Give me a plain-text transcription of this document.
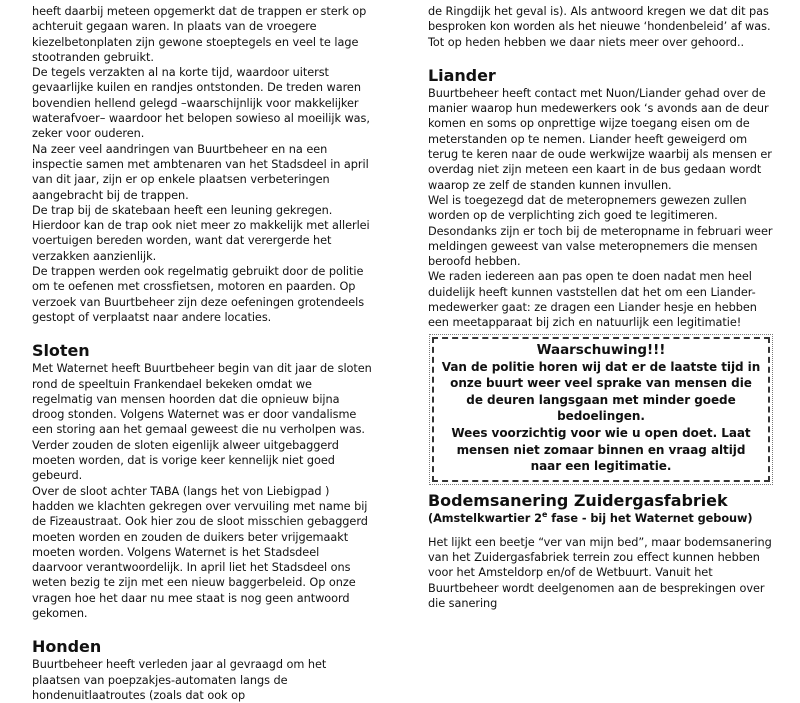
heeft daarbij meteen opgemerkt dat de trappen er sterk op achteruit gegaan waren. In plaats van de vroegere kiezelbetonplaten zijn gewone stoeptegels en veel te lage stootranden gebruikt.

De tegels verzakten al na korte tijd, waardoor uiterst gevaarlijke kuilen en randjes ontstonden. De treden waren bovendien hellend gelegd –waarschijnlijk voor makkelijker waterafvoer– waardoor het belopen sowieso al moeilijk was, zeker voor ouderen.

Na zeer veel aandringen van Buurtbeheer en na een inspectie samen met ambtenaren van het Stadsdeel in april van dit jaar, zijn er op enkele plaatsen verbeteringen aangebracht bij de trappen.

De trap bij de skatebaan heeft een leuning gekregen. Hierdoor kan de trap ook niet meer zo makkelijk met allerlei voertuigen bereden worden, want dat verergerde het verzakken aanzienlijk.

De trappen werden ook regelmatig gebruikt door de politie om te oefenen met crossfietsen, motoren en paarden. Op verzoek van Buurtbeheer zijn deze oefeningen grotendeels gestopt of verplaatst naar andere locaties.

Sloten

Met Waternet heeft Buurtbeheer begin van dit jaar de sloten rond de speeltuin Frankendael bekeken omdat we regelmatig van mensen hoorden dat die opnieuw bijna droog stonden. Volgens Waternet was er door vandalisme een storing aan het gemaal geweest die nu verholpen was. Verder zouden de sloten eigenlijk alweer uitgebaggerd moeten worden, dat is vorige keer kennelijk niet goed gebeurd.

Over de sloot achter TABA (langs het von Liebigpad ) hadden we klachten gekregen over vervuiling met name bij de Fizeaustraat. Ook hier zou de sloot misschien gebaggerd moeten worden en zouden de duikers beter vrijgemaakt moeten worden. Volgens Waternet is het Stadsdeel daarvoor verantwoordelijk. In april liet het Stadsdeel ons weten bezig te zijn met een nieuw baggerbeleid. Op onze vragen hoe het daar nu mee staat is nog geen antwoord gekomen.

Honden

Buurtbeheer heeft verleden jaar al gevraagd om het plaatsen van poepzakjes-automaten langs de hondenuitlaatroutes (zoals dat ook op

de Ringdijk het geval is). Als antwoord kregen we dat dit pas besproken kon worden als het nieuwe ‘hondenbeleid’ af was. Tot op heden hebben we daar niets meer over gehoord..

Liander

Buurtbeheer heeft contact met Nuon/Liander gehad over de manier waarop hun medewerkers ook ‘s avonds aan de deur komen en soms op onprettige wijze toegang eisen om de meterstanden op te nemen. Liander heeft geweigerd om terug te keren naar de oude werkwijze waarbij als mensen er overdag niet zijn meteen een kaart in de bus gedaan wordt waarop ze zelf de standen kunnen invullen.

Wel is toegezegd dat de meteropnemers gewezen zullen worden op de verplichting zich goed te legitimeren. Desondanks zijn er toch bij de meteropname in februari weer meldingen geweest van valse meteropnemers die mensen beroofd hebben.

We raden iedereen aan pas open te doen nadat men heel duidelijk heeft kunnen vaststellen dat het om een Liander-medewerker gaat: ze dragen een Liander hesje en hebben een meetapparaat bij zich en natuurlijk een legitimatie!

Waarschuwing!!!
Van de politie horen wij dat er de laatste tijd in onze buurt weer veel sprake van mensen die de deuren langsgaan met minder goede bedoelingen.
Wees voorzichtig voor wie u open doet. Laat mensen niet zomaar binnen en vraag altijd naar een legitimatie.
Bodemsanering Zuidergasfabriek

(Amstelkwartier 2e fase - bij het Waternet gebouw)

Het lijkt een beetje “ver van mijn bed”, maar bodemsanering van het Zuidergasfabriek terrein zou effect kunnen hebben voor het Amsteldorp en/of de Wetbuurt. Vanuit het Buurtbeheer wordt deelgenomen aan de besprekingen over die sanering
